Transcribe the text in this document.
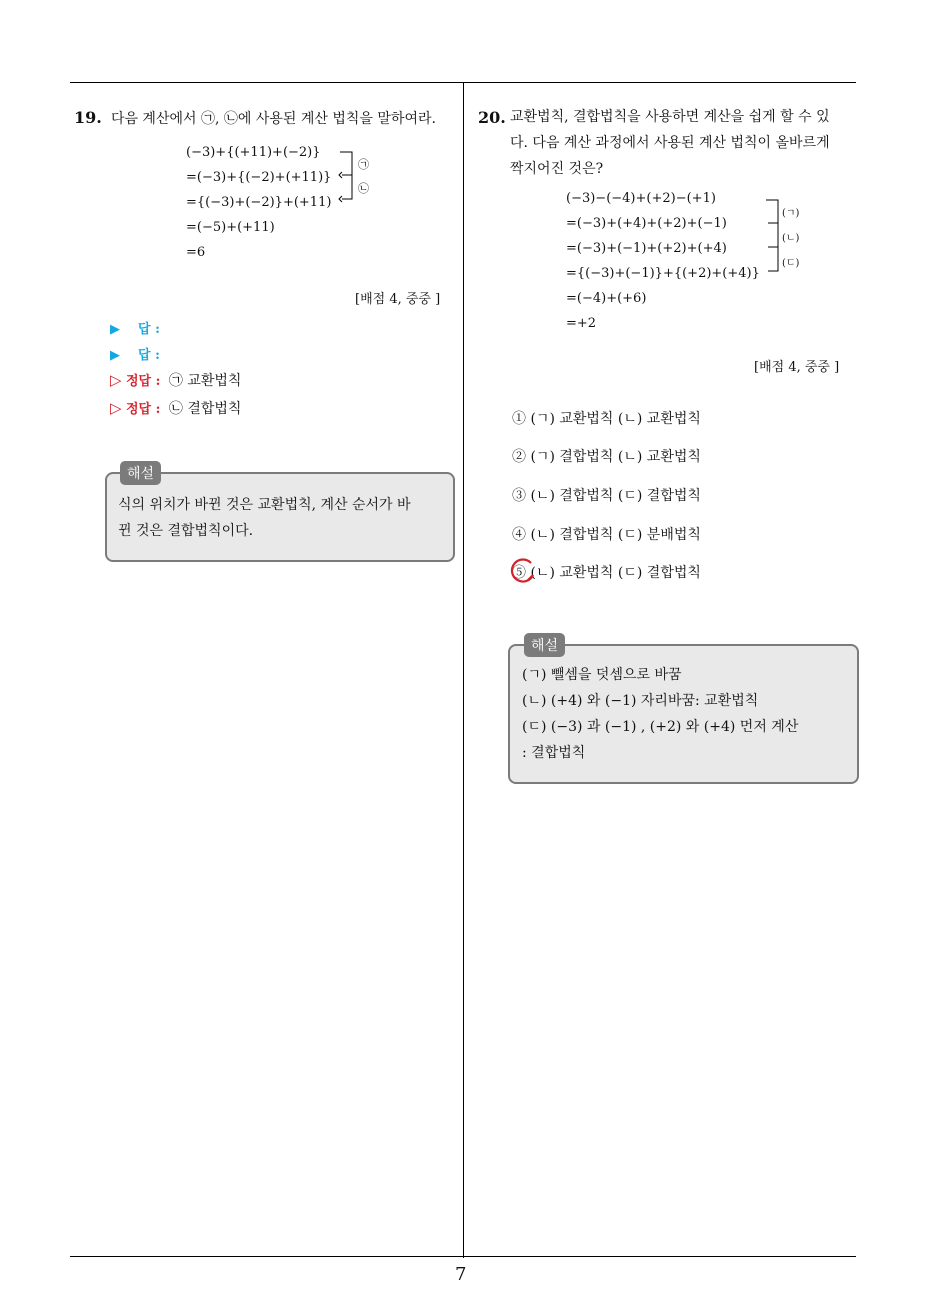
19. 다음 계산에서 ㉠, ㉡에 사용된 계산 법칙을 말하여라.
(−3)+{(+11)+(−2)}
=(−3)+{(−2)+(+11)}
={(−3)+(−2)}+(+11)
=(−5)+(+11)
=6
㉠
㉡
[배점 4, 중중 ]
▶ 답 :
▶ 답 :
▷ 정답 : ㉠ 교환법칙
▷ 정답 : ㉡ 결합법칙
해설
식의 위치가 바뀐 것은 교환법칙, 계산 순서가 바
뀐 것은 결합법칙이다.
20. 교환법칙, 결합법칙을 사용하면 계산을 쉽게 할 수 있
다. 다음 계산 과정에서 사용된 계산 법칙이 올바르게
짝지어진 것은?
(−3)−(−4)+(+2)−(+1)
=(−3)+(+4)+(+2)+(−1)
=(−3)+(−1)+(+2)+(+4)
={(−3)+(−1)}+{(+2)+(+4)}
=(−4)+(+6)
=+2
(ㄱ)
(ㄴ)
(ㄷ)
[배점 4, 중중 ]
① (ㄱ) 교환법칙 (ㄴ) 교환법칙
② (ㄱ) 결합법칙 (ㄴ) 교환법칙
③ (ㄴ) 결합법칙 (ㄷ) 결합법칙
④ (ㄴ) 결합법칙 (ㄷ) 분배법칙
⑤ (ㄴ) 교환법칙 (ㄷ) 결합법칙
해설
(ㄱ) 뺄셈을 덧셈으로 바꿈
(ㄴ) (+4) 와 (−1) 자리바꿈: 교환법칙
(ㄷ) (−3) 과 (−1) , (+2) 와 (+4) 먼저 계산
: 결합법칙
7
